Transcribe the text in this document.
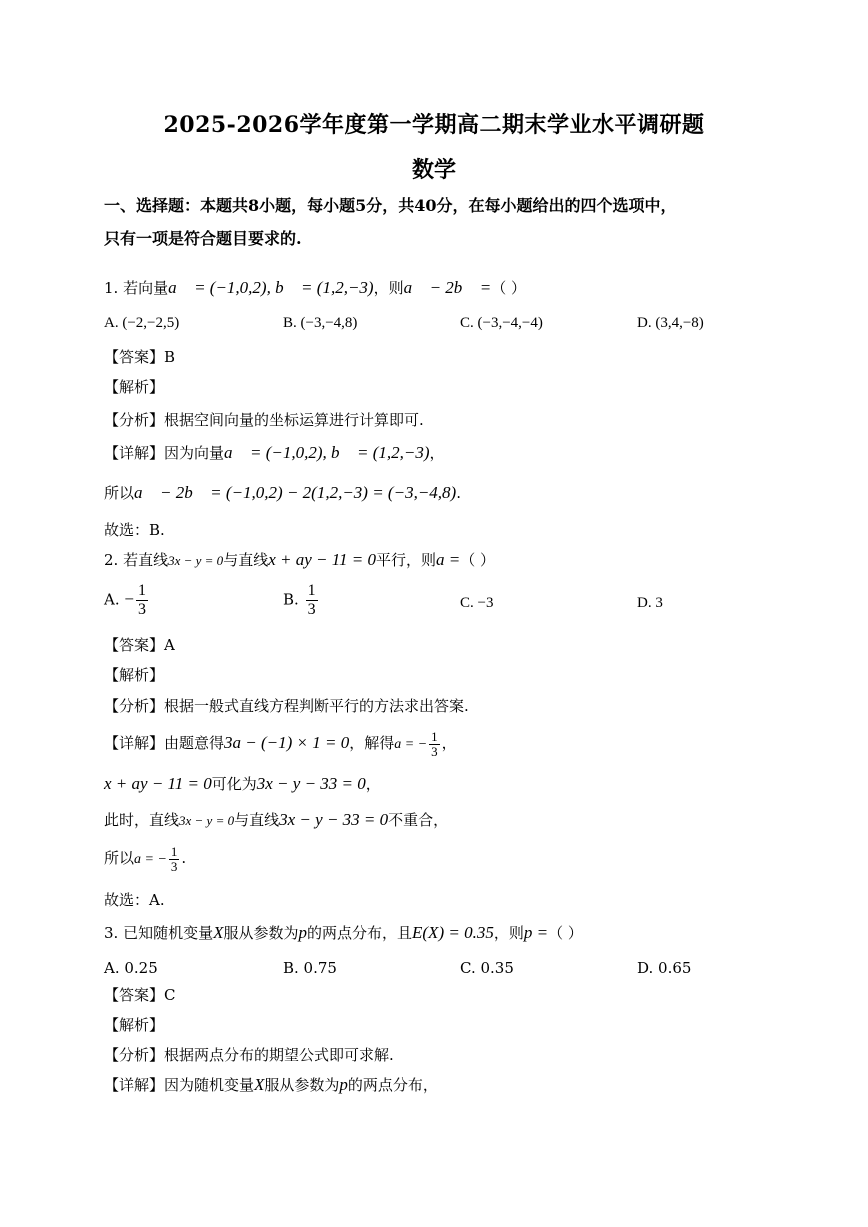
2025-2026学年度第一学期高二期末学业水平调研题
数学
一、选择题：本题共8小题，每小题5分，共40分，在每小题给出的四个选项中，
只有一项是符合题目要求的.
1. 若向量a⃗ = (−1,0,2), b⃗ = (1,2,−3)，则a⃗ − 2b⃗ =（ ）
A. (−2,−2,5)	B. (−3,−4,8)	C. (−3,−4,−4)	D. (3,4,−8)
【答案】B
【解析】
【分析】根据空间向量的坐标运算进行计算即可.
【详解】因为向量a⃗ = (−1,0,2), b⃗ = (1,2,−3)，
所以a⃗ − 2b⃗ = (−1,0,2) − 2(1,2,−3) = (−3,−4,8).
故选：B.
2. 若直线3x − y = 0与直线x + ay − 11 = 0平行，则a =（ ）
A. − $\frac{1}{3}$	B. $\frac{1}{3}$	C. −3	D. 3
【答案】A
【解析】
【分析】根据一般式直线方程判断平行的方法求出答案.
【详解】由题意得3a − (−1) × 1 = 0，解得a = − $\frac{1}{3}$ ，
x + ay − 11 = 0可化为3x − y − 33 = 0，
此时，直线3x − y = 0与直线3x − y − 33 = 0不重合，
所以a = − $\frac{1}{3}$ .
故选：A.
3. 已知随机变量X服从参数为p的两点分布，且E(X) = 0.35，则p =（ ）
A. 0.25	B. 0.75	C. 0.35	D. 0.65
【答案】C
【解析】
【分析】根据两点分布的期望公式即可求解.
【详解】因为随机变量X服从参数为p的两点分布，
